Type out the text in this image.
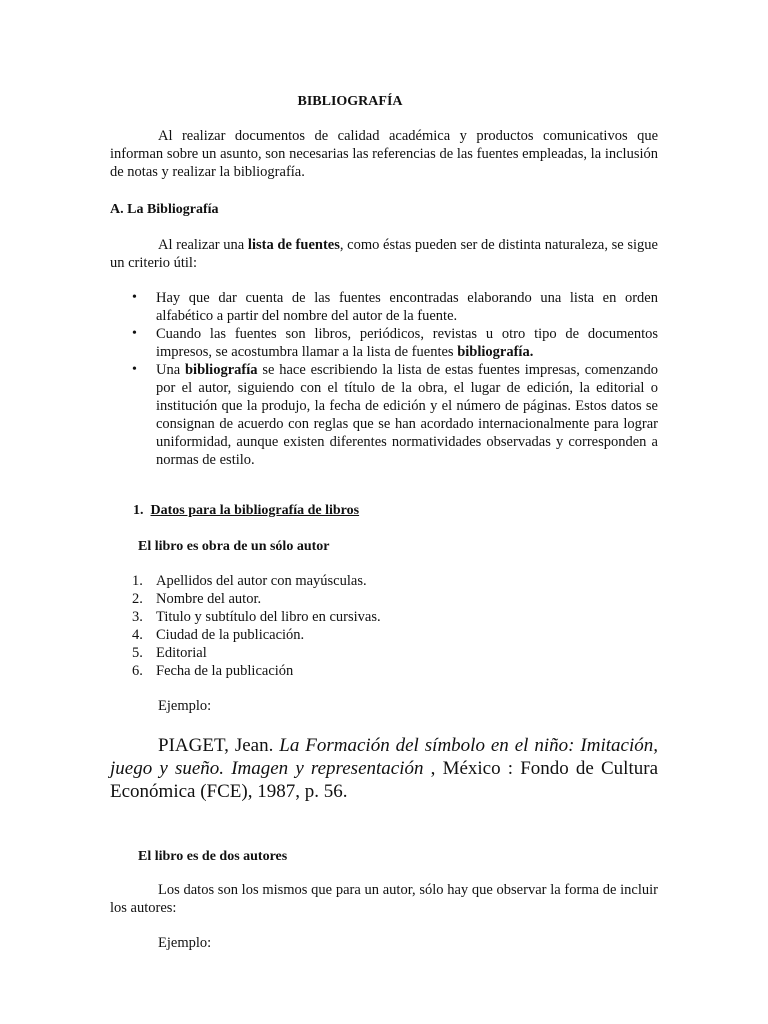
BIBLIOGRAFÍA
Al realizar documentos de calidad académica y productos comunicativos que informan sobre un asunto, son necesarias las referencias de las fuentes empleadas, la inclusión de notas y realizar la bibliografía.
A. La Bibliografía
Al realizar una lista de fuentes, como éstas pueden ser de distinta naturaleza, se sigue un criterio útil:
• Hay que dar cuenta de las fuentes encontradas elaborando una lista en orden alfabético a partir del nombre del autor de la fuente.
• Cuando las fuentes son libros, periódicos, revistas u otro tipo de documentos impresos, se acostumbra llamar a la lista de fuentes bibliografía.
• Una bibliografía se hace escribiendo la lista de estas fuentes impresas, comenzando por el autor, siguiendo con el título de la obra, el lugar de edición, la editorial o institución que la produjo, la fecha de edición y el número de páginas. Estos datos se consignan de acuerdo con reglas que se han acordado internacionalmente para lograr uniformidad, aunque existen diferentes normatividades observadas y corresponden a normas de estilo.
1. Datos para la bibliografía de libros
El libro es obra de un sólo autor
1. Apellidos del autor con mayúsculas.
2. Nombre del autor.
3. Titulo y subtítulo del libro en cursivas.
4. Ciudad de la publicación.
5. Editorial
6. Fecha de la publicación
Ejemplo:
PIAGET, Jean. La Formación del símbolo en el niño: Imitación, juego y sueño. Imagen y representación , México : Fondo de Cultura Económica (FCE), 1987, p. 56.
El libro es de dos autores
Los datos son los mismos que para un autor, sólo hay que observar la forma de incluir los autores:
Ejemplo:
